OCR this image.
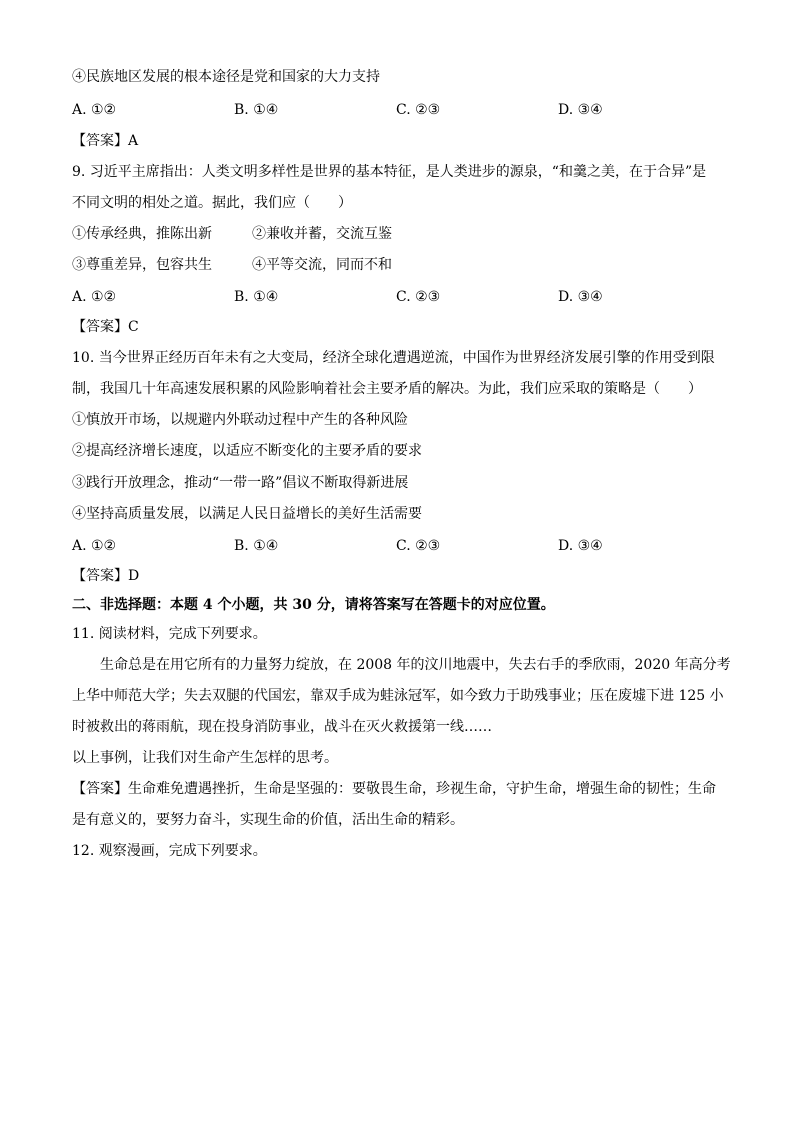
④民族地区发展的根本途径是党和国家的大力支持
A. ①②	B. ①④	C. ②③	D. ③④
【答案】A
9. 习近平主席指出：人类文明多样性是世界的基本特征，是人类进步的源泉，“和羹之美，在于合异”是
不同文明的相处之道。据此，我们应（　　）
①传承经典，推陈出新	②兼收并蓄，交流互鉴
③尊重差异，包容共生	④平等交流，同而不和
A. ①②	B. ①④	C. ②③	D. ③④
【答案】C
10. 当今世界正经历百年未有之大变局，经济全球化遭遇逆流，中国作为世界经济发展引擎的作用受到限
制，我国几十年高速发展积累的风险影响着社会主要矛盾的解决。为此，我们应采取的策略是（　　）
①慎放开市场，以规避内外联动过程中产生的各种风险
②提高经济增长速度，以适应不断变化的主要矛盾的要求
③践行开放理念，推动“一带一路”倡议不断取得新进展
④坚持高质量发展，以满足人民日益增长的美好生活需要
A. ①②	B. ①④	C. ②③	D. ③④
【答案】D
二、非选择题：本题 4 个小题，共 30 分，请将答案写在答题卡的对应位置。
11. 阅读材料，完成下列要求。
生命总是在用它所有的力量努力绽放，在 2008 年的汶川地震中，失去右手的季欣雨，2020 年高分考
上华中师范大学；失去双腿的代国宏，靠双手成为蛙泳冠军，如今致力于助残事业；压在废墟下进 125 小
时被救出的蒋雨航，现在投身消防事业，战斗在灭火救援第一线……
以上事例，让我们对生命产生怎样的思考。
【答案】生命难免遭遇挫折，生命是坚强的：要敬畏生命，珍视生命，守护生命，增强生命的韧性；生命
是有意义的，要努力奋斗，实现生命的价值，活出生命的精彩。
12. 观察漫画，完成下列要求。
